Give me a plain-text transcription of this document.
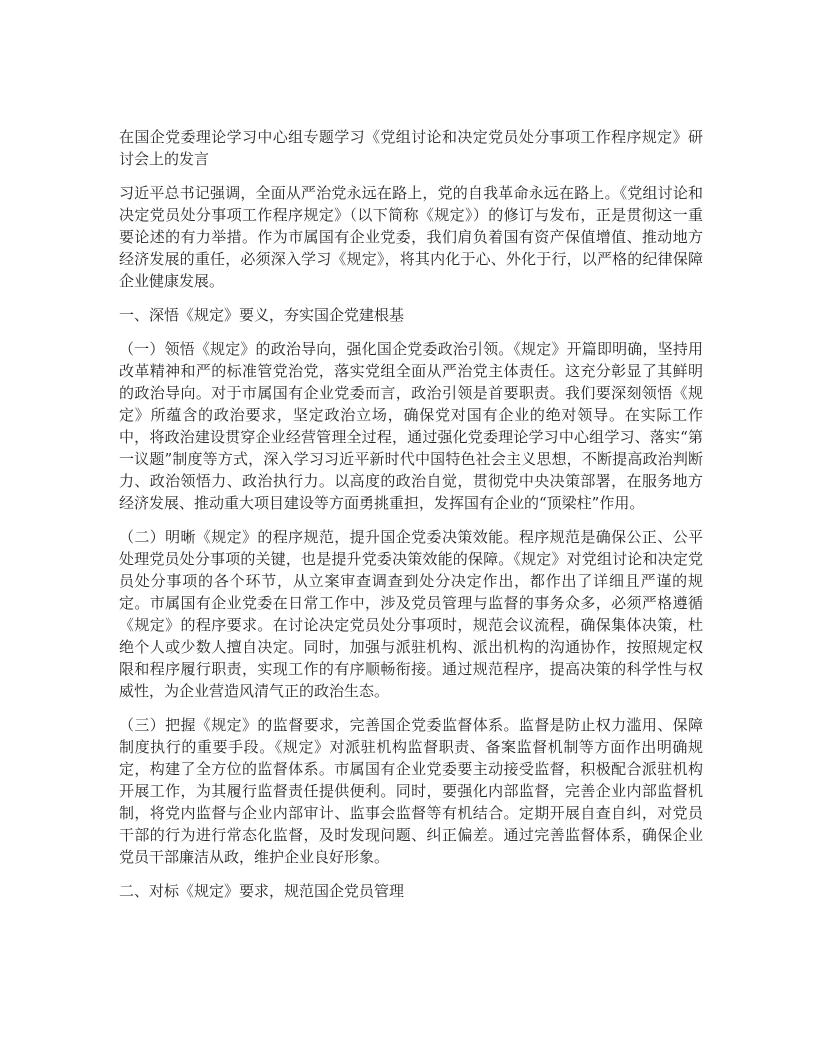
在国企党委理论学习中心组专题学习《党组讨论和决定党员处分事项工作程序规定》研讨会上的发言

习近平总书记强调，全面从严治党永远在路上，党的自我革命永远在路上。《党组讨论和决定党员处分事项工作程序规定》（以下简称《规定》）的修订与发布，正是贯彻这一重要论述的有力举措。作为市属国有企业党委，我们肩负着国有资产保值增值、推动地方经济发展的重任，必须深入学习《规定》，将其内化于心、外化于行，以严格的纪律保障企业健康发展。

一、深悟《规定》要义，夯实国企党建根基

（一）领悟《规定》的政治导向，强化国企党委政治引领。《规定》开篇即明确，坚持用改革精神和严的标准管党治党，落实党组全面从严治党主体责任。这充分彰显了其鲜明的政治导向。对于市属国有企业党委而言，政治引领是首要职责。我们要深刻领悟《规定》所蕴含的政治要求，坚定政治立场，确保党对国有企业的绝对领导。在实际工作中，将政治建设贯穿企业经营管理全过程，通过强化党委理论学习中心组学习、落实“第一议题”制度等方式，深入学习习近平新时代中国特色社会主义思想，不断提高政治判断力、政治领悟力、政治执行力。以高度的政治自觉，贯彻党中央决策部署，在服务地方经济发展、推动重大项目建设等方面勇挑重担，发挥国有企业的“顶梁柱”作用。

（二）明晰《规定》的程序规范，提升国企党委决策效能。程序规范是确保公正、公平处理党员处分事项的关键，也是提升党委决策效能的保障。《规定》对党组讨论和决定党员处分事项的各个环节，从立案审查调查到处分决定作出，都作出了详细且严谨的规定。市属国有企业党委在日常工作中，涉及党员管理与监督的事务众多，必须严格遵循《规定》的程序要求。在讨论决定党员处分事项时，规范会议流程，确保集体决策，杜绝个人或少数人擅自决定。同时，加强与派驻机构、派出机构的沟通协作，按照规定权限和程序履行职责，实现工作的有序顺畅衔接。通过规范程序，提高决策的科学性与权威性，为企业营造风清气正的政治生态。

（三）把握《规定》的监督要求，完善国企党委监督体系。监督是防止权力滥用、保障制度执行的重要手段。《规定》对派驻机构监督职责、备案监督机制等方面作出明确规定，构建了全方位的监督体系。市属国有企业党委要主动接受监督，积极配合派驻机构开展工作，为其履行监督责任提供便利。同时，要强化内部监督，完善企业内部监督机制，将党内监督与企业内部审计、监事会监督等有机结合。定期开展自查自纠，对党员干部的行为进行常态化监督，及时发现问题、纠正偏差。通过完善监督体系，确保企业党员干部廉洁从政，维护企业良好形象。

二、对标《规定》要求，规范国企党员管理
